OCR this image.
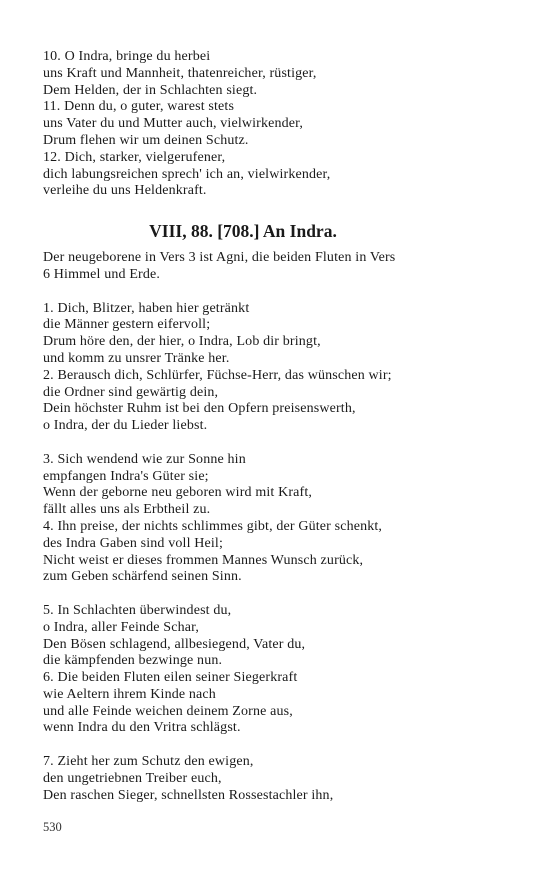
10. O Indra, bringe du herbei
uns Kraft und Mannheit, thatenreicher, rüstiger,
Dem Helden, der in Schlachten siegt.
11. Denn du, o guter, warest stets
uns Vater du und Mutter auch, vielwirkender,
Drum flehen wir um deinen Schutz.
12. Dich, starker, vielgerufener,
dich labungsreichen sprech' ich an, vielwirkender,
verleihe du uns Heldenkraft.
VIII, 88. [708.] An Indra.
Der neugeborene in Vers 3 ist Agni, die beiden Fluten in Vers
6 Himmel und Erde.
1. Dich, Blitzer, haben hier getränkt
die Männer gestern eifervoll;
Drum höre den, der hier, o Indra, Lob dir bringt,
und komm zu unsrer Tränke her.
2. Berausch dich, Schlürfer, Füchse-Herr, das wünschen wir;
die Ordner sind gewärtig dein,
Dein höchster Ruhm ist bei den Opfern preisenswerth,
o Indra, der du Lieder liebst.
3. Sich wendend wie zur Sonne hin
empfangen Indra's Güter sie;
Wenn der geborne neu geboren wird mit Kraft,
fällt alles uns als Erbtheil zu.
4. Ihn preise, der nichts schlimmes gibt, der Güter schenkt,
des Indra Gaben sind voll Heil;
Nicht weist er dieses frommen Mannes Wunsch zurück,
zum Geben schärfend seinen Sinn.
5. In Schlachten überwindest du,
o Indra, aller Feinde Schar,
Den Bösen schlagend, allbesiegend, Vater du,
die kämpfenden bezwinge nun.
6. Die beiden Fluten eilen seiner Siegerkraft
wie Aeltern ihrem Kinde nach
und alle Feinde weichen deinem Zorne aus,
wenn Indra du den Vritra schlägst.
7. Zieht her zum Schutz den ewigen,
den ungetriebnen Treiber euch,
Den raschen Sieger, schnellsten Rossestachler ihn,
530
